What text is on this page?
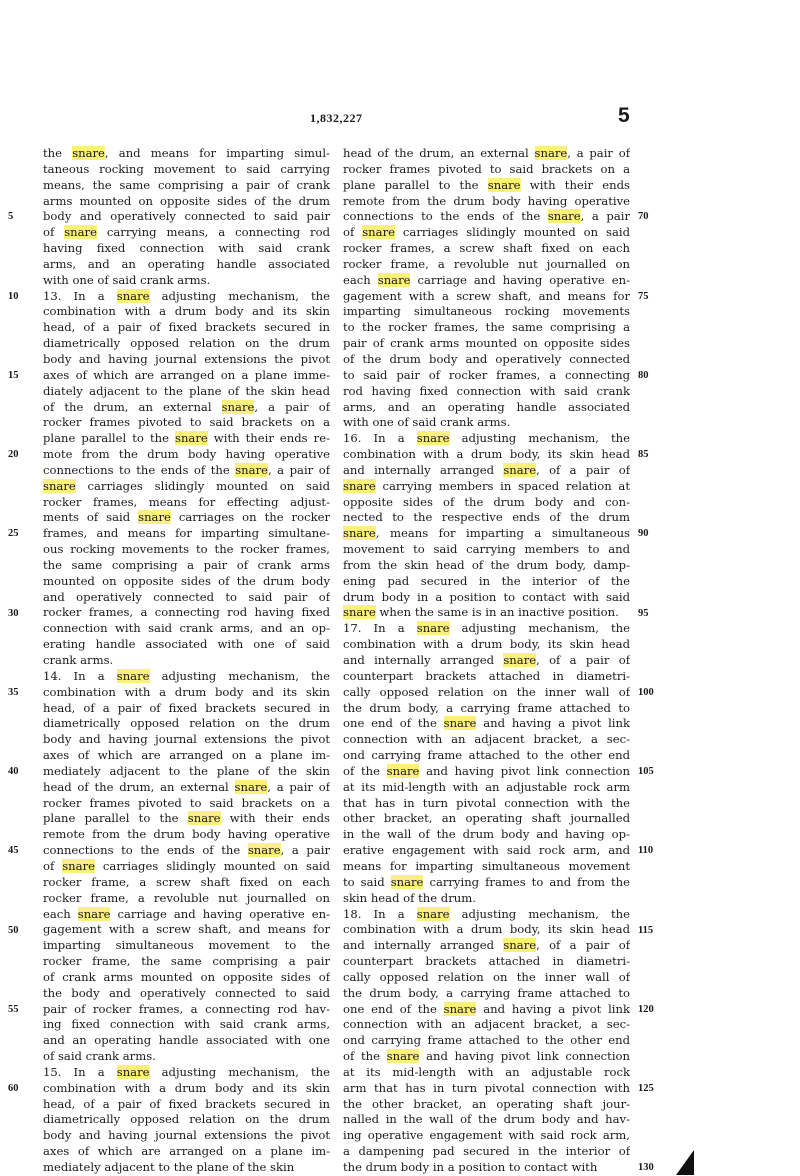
1,832,227	5
the snare, and means for imparting simul-
taneous rocking movement to said carrying
means, the same comprising a pair of crank
arms mounted on opposite sides of the drum
body and operatively connected to said pair
of snare carrying means, a connecting rod
having fixed connection with said crank
arms, and an operating handle associated
with one of said crank arms.
13. In a snare adjusting mechanism, the
combination with a drum body and its skin
head, of a pair of fixed brackets secured in
diametrically opposed relation on the drum
body and having journal extensions the pivot
axes of which are arranged on a plane imme-
diately adjacent to the plane of the skin head
of the drum, an external snare, a pair of
rocker frames pivoted to said brackets on a
plane parallel to the snare with their ends re-
mote from the drum body having operative
connections to the ends of the snare, a pair of
snare carriages slidingly mounted on said
rocker frames, means for effecting adjust-
ments of said snare carriages on the rocker
frames, and means for imparting simultane-
ous rocking movements to the rocker frames,
the same comprising a pair of crank arms
mounted on opposite sides of the drum body
and operatively connected to said pair of
rocker frames, a connecting rod having fixed
connection with said crank arms, and an op-
erating handle associated with one of said
crank arms.
14. In a snare adjusting mechanism, the
combination with a drum body and its skin
head, of a pair of fixed brackets secured in
diametrically opposed relation on the drum
body and having journal extensions the pivot
axes of which are arranged on a plane im-
mediately adjacent to the plane of the skin
head of the drum, an external snare, a pair of
rocker frames pivoted to said brackets on a
plane parallel to the snare with their ends
remote from the drum body having operative
connections to the ends of the snare, a pair
of snare carriages slidingly mounted on said
rocker frame, a screw shaft fixed on each
rocker frame, a revoluble nut journalled on
each snare carriage and having operative en-
gagement with a screw shaft, and means for
imparting simultaneous movement to the
rocker frame, the same comprising a pair
of crank arms mounted on opposite sides of
the body and operatively connected to said
pair of rocker frames, a connecting rod hav-
ing fixed connection with said crank arms,
and an operating handle associated with one
of said crank arms.
15. In a snare adjusting mechanism, the
combination with a drum body and its skin
head, of a pair of fixed brackets secured in
diametrically opposed relation on the drum
body and having journal extensions the pivot
axes of which are arranged on a plane im-
mediately adjacent to the plane of the skin
head of the drum, an external snare, a pair of
rocker frames pivoted to said brackets on a
plane parallel to the snare with their ends
remote from the drum body having operative
connections to the ends of the snare, a pair
of snare carriages slidingly mounted on said
rocker frames, a screw shaft fixed on each
rocker frame, a revoluble nut journalled on
each snare carriage and having operative en-
gagement with a screw shaft, and means for
imparting simultaneous rocking movements
to the rocker frames, the same comprising a
pair of crank arms mounted on opposite sides
of the drum body and operatively connected
to said pair of rocker frames, a connecting
rod having fixed connection with said crank
arms, and an operating handle associated
with one of said crank arms.
16. In a snare adjusting mechanism, the
combination with a drum body, its skin head
and internally arranged snare, of a pair of
snare carrying members in spaced relation at
opposite sides of the drum body and con-
nected to the respective ends of the drum
snare, means for imparting a simultaneous
movement to said carrying members to and
from the skin head of the drum body, damp-
ening pad secured in the interior of the
drum body in a position to contact with said
snare when the same is in an inactive position.
17. In a snare adjusting mechanism, the
combination with a drum body, its skin head
and internally arranged snare, of a pair of
counterpart brackets attached in diametri-
cally opposed relation on the inner wall of
the drum body, a carrying frame attached to
one end of the snare and having a pivot link
connection with an adjacent bracket, a sec-
ond carrying frame attached to the other end
of the snare and having pivot link connection
at its mid-length with an adjustable rock arm
that has in turn pivotal connection with the
other bracket, an operating shaft journalled
in the wall of the drum body and having op-
erative engagement with said rock arm, and
means for imparting simultaneous movement
to said snare carrying frames to and from the
skin head of the drum.
18. In a snare adjusting mechanism, the
combination with a drum body, its skin head
and internally arranged snare, of a pair of
counterpart brackets attached in diametri-
cally opposed relation on the inner wall of
the drum body, a carrying frame attached to
one end of the snare and having a pivot link
connection with an adjacent bracket, a sec-
ond carrying frame attached to the other end
of the snare and having pivot link connection
at its mid-length with an adjustable rock
arm that has in turn pivotal connection with
the other bracket, an operating shaft jour-
nalled in the wall of the drum body and hav-
ing operative engagement with said rock arm,
a dampening pad secured in the interior of
the drum body in a position to contact with
5
10
15
20
25
30
35
40
45
50
55
60
70
75
80
85
90
95
100
105
110
115
120
125
130
